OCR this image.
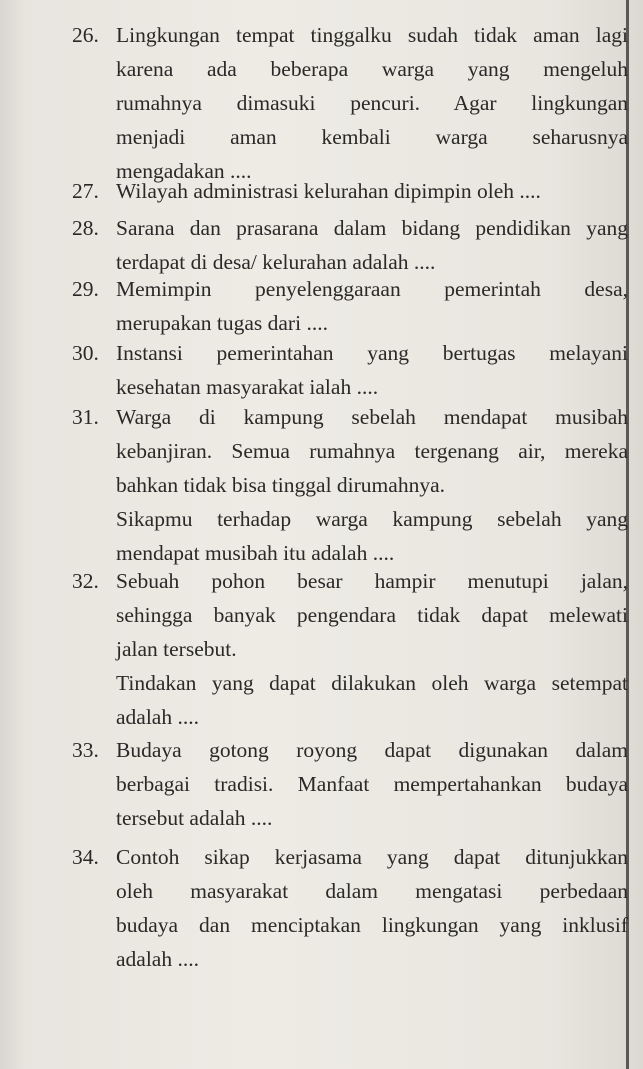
26. Lingkungan tempat tinggalku sudah tidak aman lagi
karena ada beberapa warga yang mengeluh
rumahnya dimasuki pencuri. Agar lingkungan
menjadi aman kembali warga seharusnya
mengadakan ....
27. Wilayah administrasi kelurahan dipimpin oleh ....
28. Sarana dan prasarana dalam bidang pendidikan yang
terdapat di desa/ kelurahan adalah ....
29. Memimpin penyelenggaraan pemerintah desa,
merupakan tugas dari ....
30. Instansi pemerintahan yang bertugas melayani
kesehatan masyarakat ialah ....
31. Warga di kampung sebelah mendapat musibah
kebanjiran. Semua rumahnya tergenang air, mereka
bahkan tidak bisa tinggal dirumahnya.
Sikapmu terhadap warga kampung sebelah yang
mendapat musibah itu adalah ....
32. Sebuah pohon besar hampir menutupi jalan,
sehingga banyak pengendara tidak dapat melewati
jalan tersebut.
Tindakan yang dapat dilakukan oleh warga setempat
adalah ....
33. Budaya gotong royong dapat digunakan dalam
berbagai tradisi. Manfaat mempertahankan budaya
tersebut adalah ....
34. Contoh sikap kerjasama yang dapat ditunjukkan
oleh masyarakat dalam mengatasi perbedaan
budaya dan menciptakan lingkungan yang inklusif
adalah ....
